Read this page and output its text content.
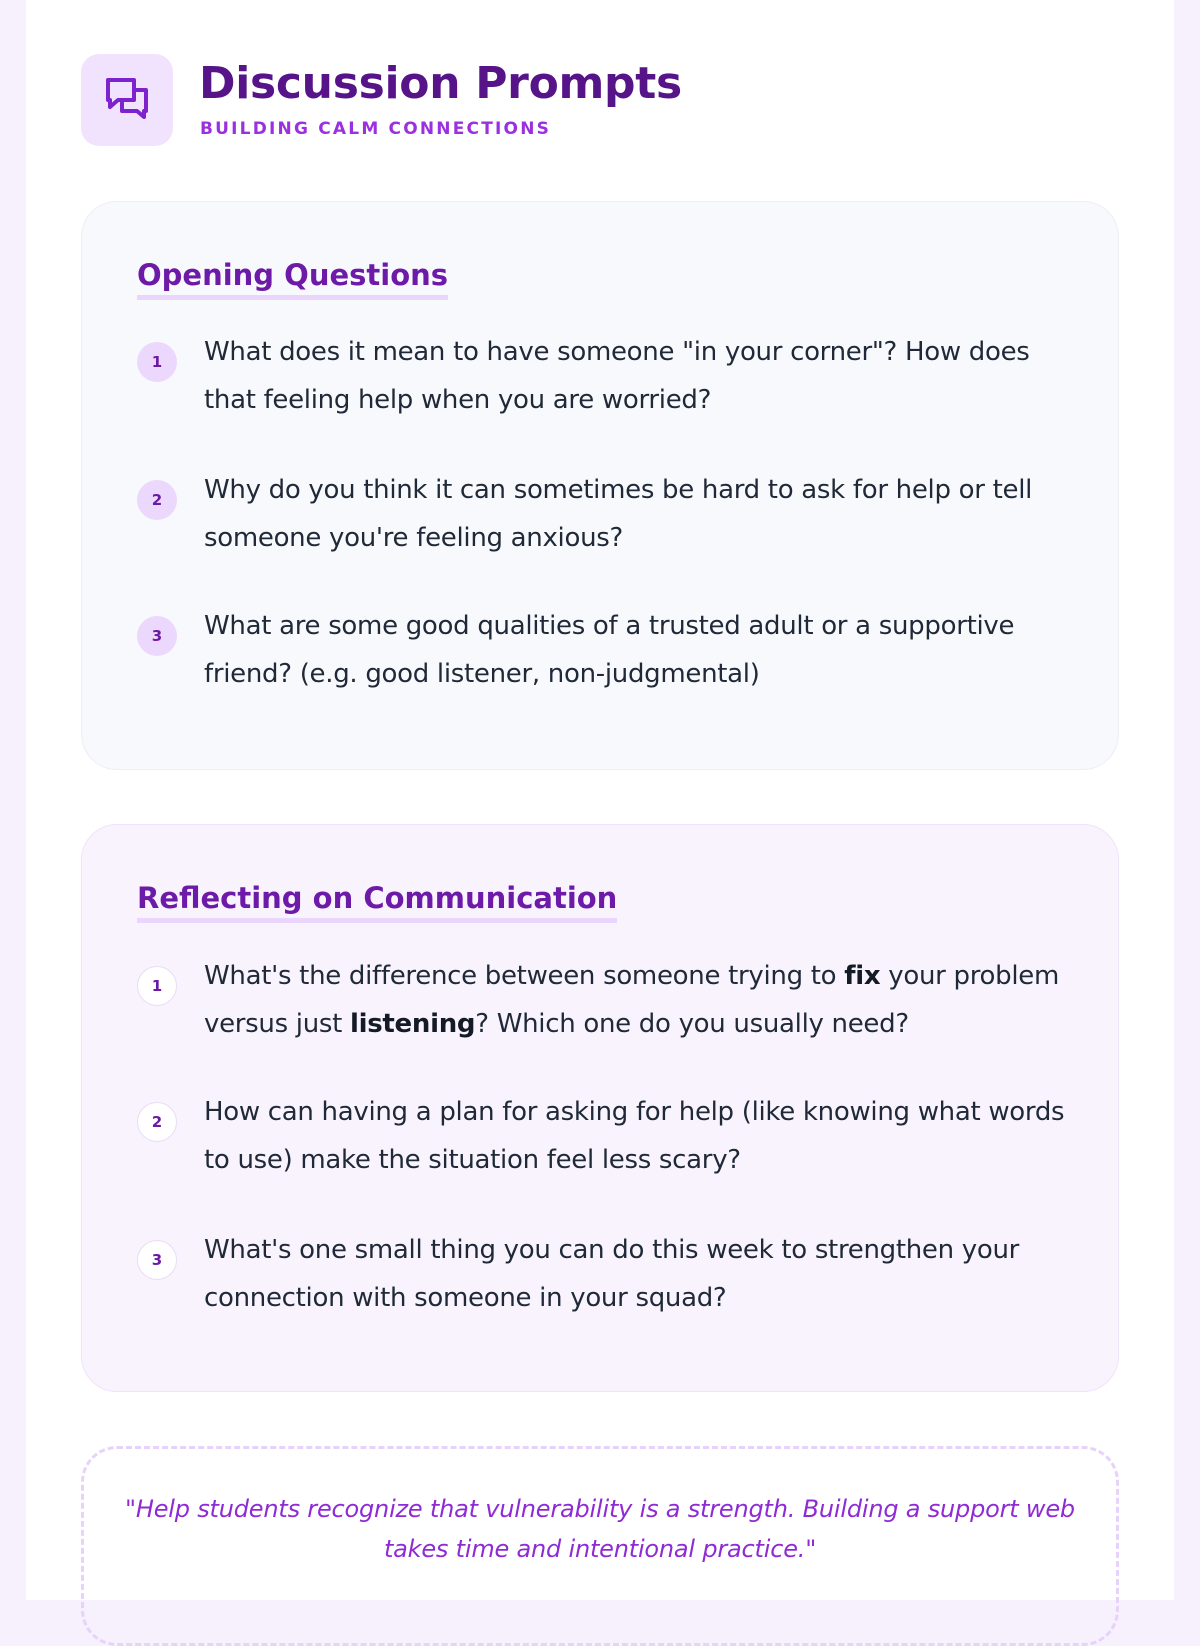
Discussion Prompts
BUILDING CALM CONNECTIONS
Opening Questions
1	What does it mean to have someone "in your corner"? How does that feeling help when you are worried?

2	Why do you think it can sometimes be hard to ask for help or tell someone you're feeling anxious?

3	What are some good qualities of a trusted adult or a supportive friend? (e.g. good listener, non-judgmental)

Reflecting on Communication
1	What's the difference between someone trying to fix your problem versus just listening? Which one do you usually need?

2	How can having a plan for asking for help (like knowing what words to use) make the situation feel less scary?

3	What's one small thing you can do this week to strengthen your connection with someone in your squad?

"Help students recognize that vulnerability is a strength. Building a support web takes time and intentional practice."
